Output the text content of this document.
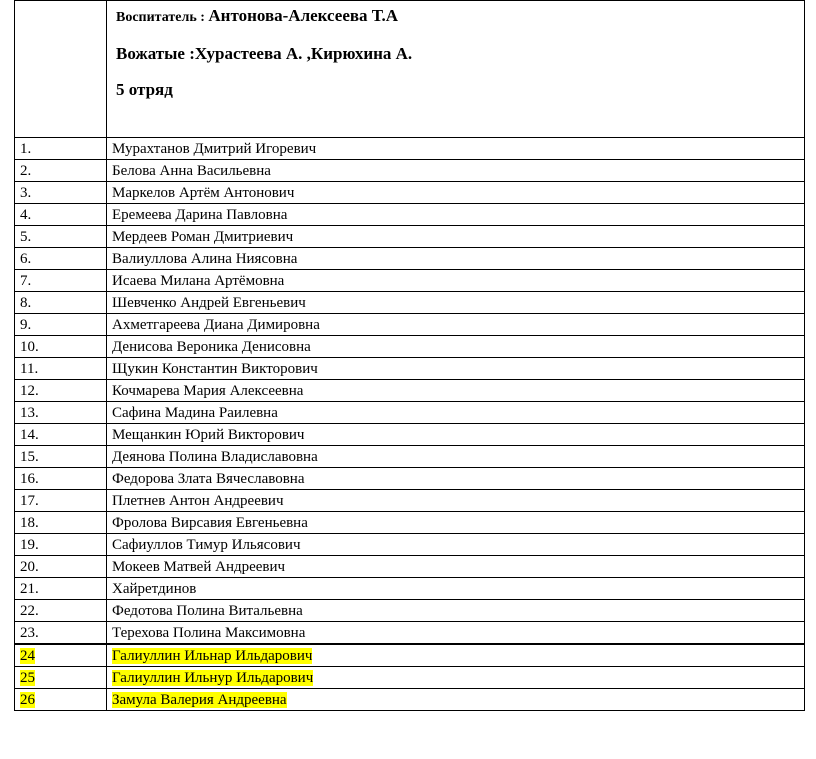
	Воспитатель : Антонова-Алексеева Т.А
Вожатые :Хурастеева А. ,Кирюхина А.
5 отряд

1.	Мурахтанов Дмитрий Игоревич
2.	Белова Анна Васильевна
3.	Маркелов Артём Антонович
4.	Еремеева Дарина Павловна
5.	Мердеев Роман Дмитриевич
6.	Валиуллова Алина Ниясовна
7.	Исаева Милана Артёмовна
8.	Шевченко Андрей Евгеньевич
9.	Ахметгареева Диана Димировна
10.	Денисова Вероника Денисовна
11.	Щукин Константин Викторович
12.	Кочмарева Мария Алексеевна
13.	Сафина Мадина Раилевна
14.	Мещанкин Юрий Викторович
15.	Деянова Полина Владиславовна
16.	Федорова Злата Вячеславовна
17.	Плетнев Антон Андреевич
18.	Фролова Вирсавия Евгеньевна
19.	Сафиуллов Тимур Ильясович
20.	Мокеев Матвей Андреевич
21.	Хайретдинов
22.	Федотова Полина Витальевна
23.	Терехова Полина Максимовна
24	Галиуллин Ильнар Ильдарович
25	Галиуллин Ильнур Ильдарович
26	Замула Валерия Андреевна
